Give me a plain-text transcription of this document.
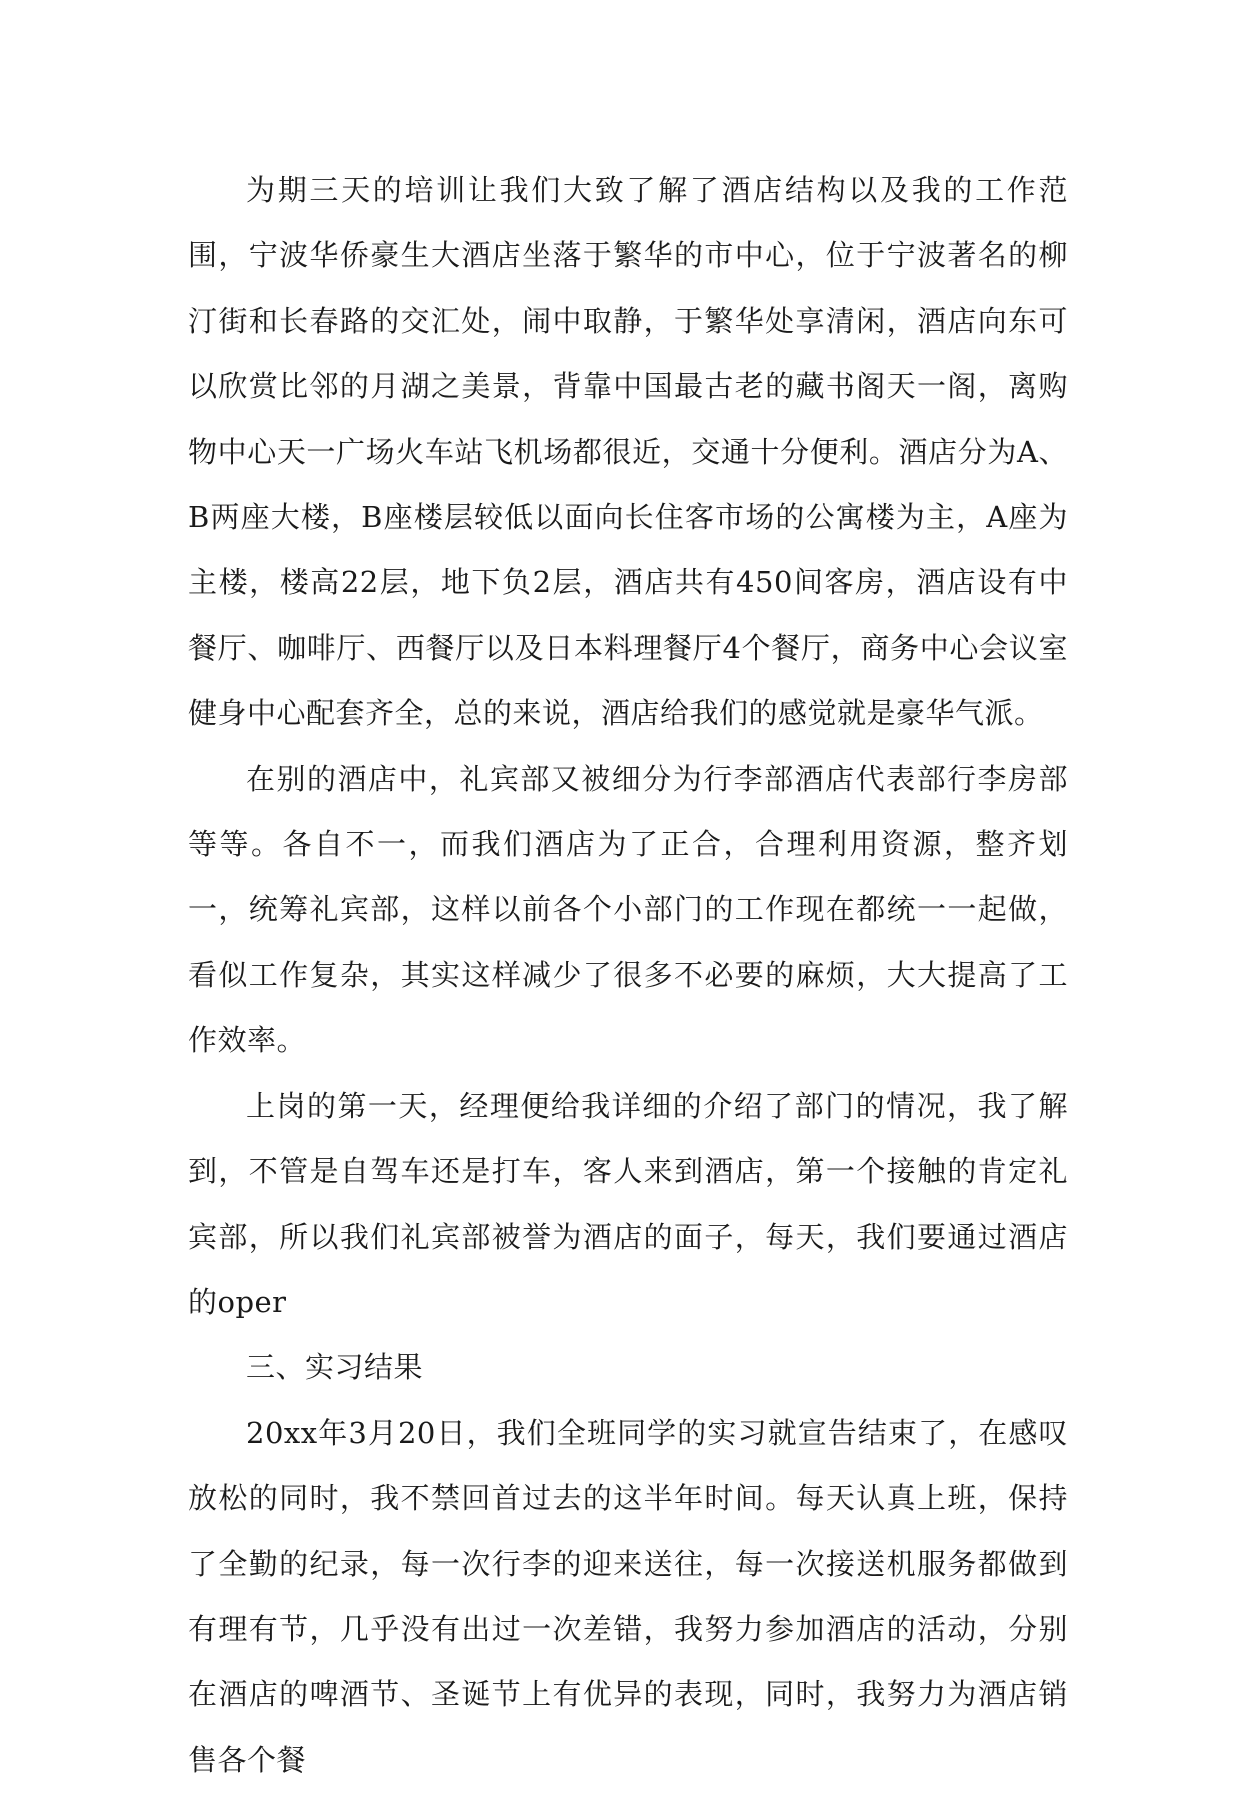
为期三天的培训让我们大致了解了酒店结构以及我的工作范围，宁波华侨豪生大酒店坐落于繁华的市中心，位于宁波著名的柳汀街和长春路的交汇处，闹中取静，于繁华处享清闲，酒店向东可以欣赏比邻的月湖之美景，背靠中国最古老的藏书阁天一阁，离购物中心天一广场火车站飞机场都很近，交通十分便利。酒店分为A、B两座大楼，B座楼层较低以面向长住客市场的公寓楼为主，A座为主楼，楼高22层，地下负2层，酒店共有450间客房，酒店设有中餐厅、咖啡厅、西餐厅以及日本料理餐厅4个餐厅，商务中心会议室健身中心配套齐全，总的来说，酒店给我们的感觉就是豪华气派。

在别的酒店中，礼宾部又被细分为行李部酒店代表部行李房部等等。各自不一，而我们酒店为了正合，合理利用资源，整齐划一，统筹礼宾部，这样以前各个小部门的工作现在都统一一起做，看似工作复杂，其实这样减少了很多不必要的麻烦，大大提高了工作效率。

上岗的第一天，经理便给我详细的介绍了部门的情况，我了解到，不管是自驾车还是打车，客人来到酒店，第一个接触的肯定礼宾部，所以我们礼宾部被誉为酒店的面子，每天，我们要通过酒店的oper

三、实习结果

20xx年3月20日，我们全班同学的实习就宣告结束了，在感叹放松的同时，我不禁回首过去的这半年时间。每天认真上班，保持了全勤的纪录，每一次行李的迎来送往，每一次接送机服务都做到有理有节，几乎没有出过一次差错，我努力参加酒店的活动，分别在酒店的啤酒节、圣诞节上有优异的表现，同时，我努力为酒店销售各个餐
